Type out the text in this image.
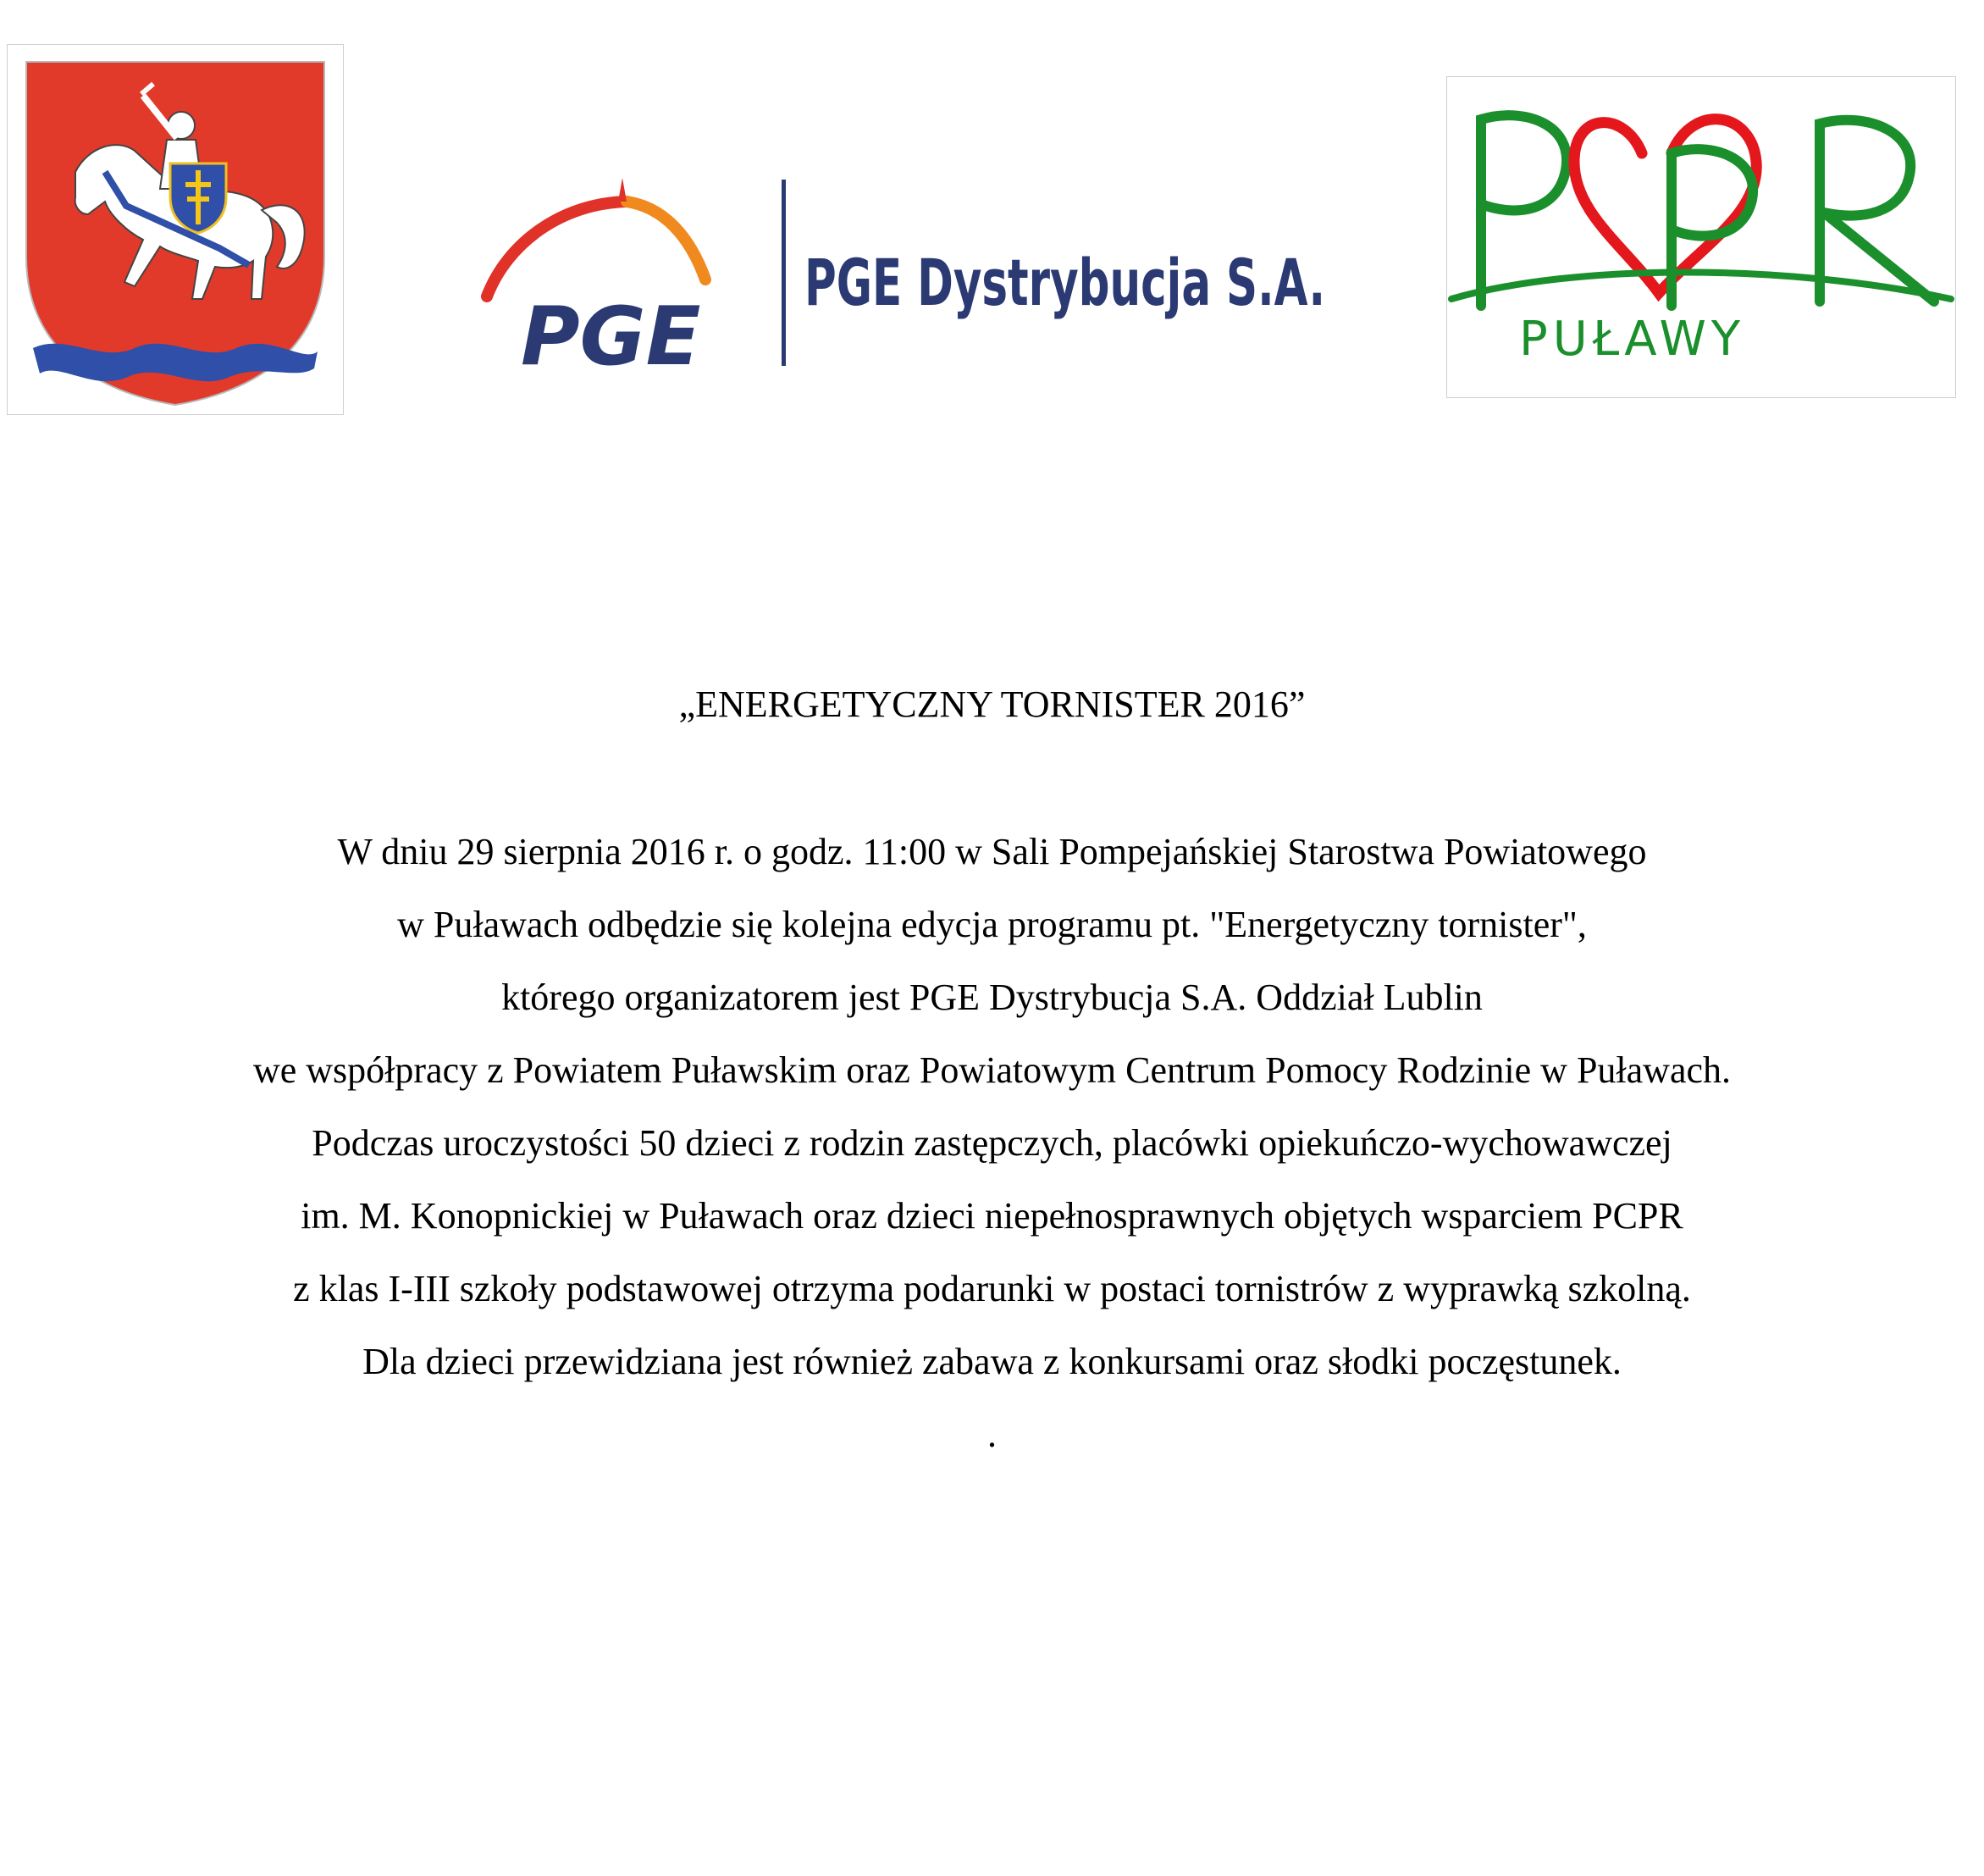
PGE
PGE Dystrybucja S.A.
PUŁAWY
„ENERGETYCZNY TORNISTER 2016”
W dniu 29 sierpnia 2016 r. o godz. 11:00 w Sali Pompejańskiej Starostwa Powiatowego
w Puławach odbędzie się kolejna edycja programu pt. "Energetyczny tornister",
którego organizatorem jest PGE Dystrybucja S.A. Oddział Lublin
we współpracy z Powiatem Puławskim oraz Powiatowym Centrum Pomocy Rodzinie w Puławach.
Podczas uroczystości 50 dzieci z rodzin zastępczych, placówki opiekuńczo-wychowawczej
im. M. Konopnickiej w Puławach oraz dzieci niepełnosprawnych objętych wsparciem PCPR
z klas I-III szkoły podstawowej otrzyma podarunki w postaci tornistrów z wyprawką szkolną.
Dla dzieci przewidziana jest również zabawa z konkursami oraz słodki poczęstunek.
.
